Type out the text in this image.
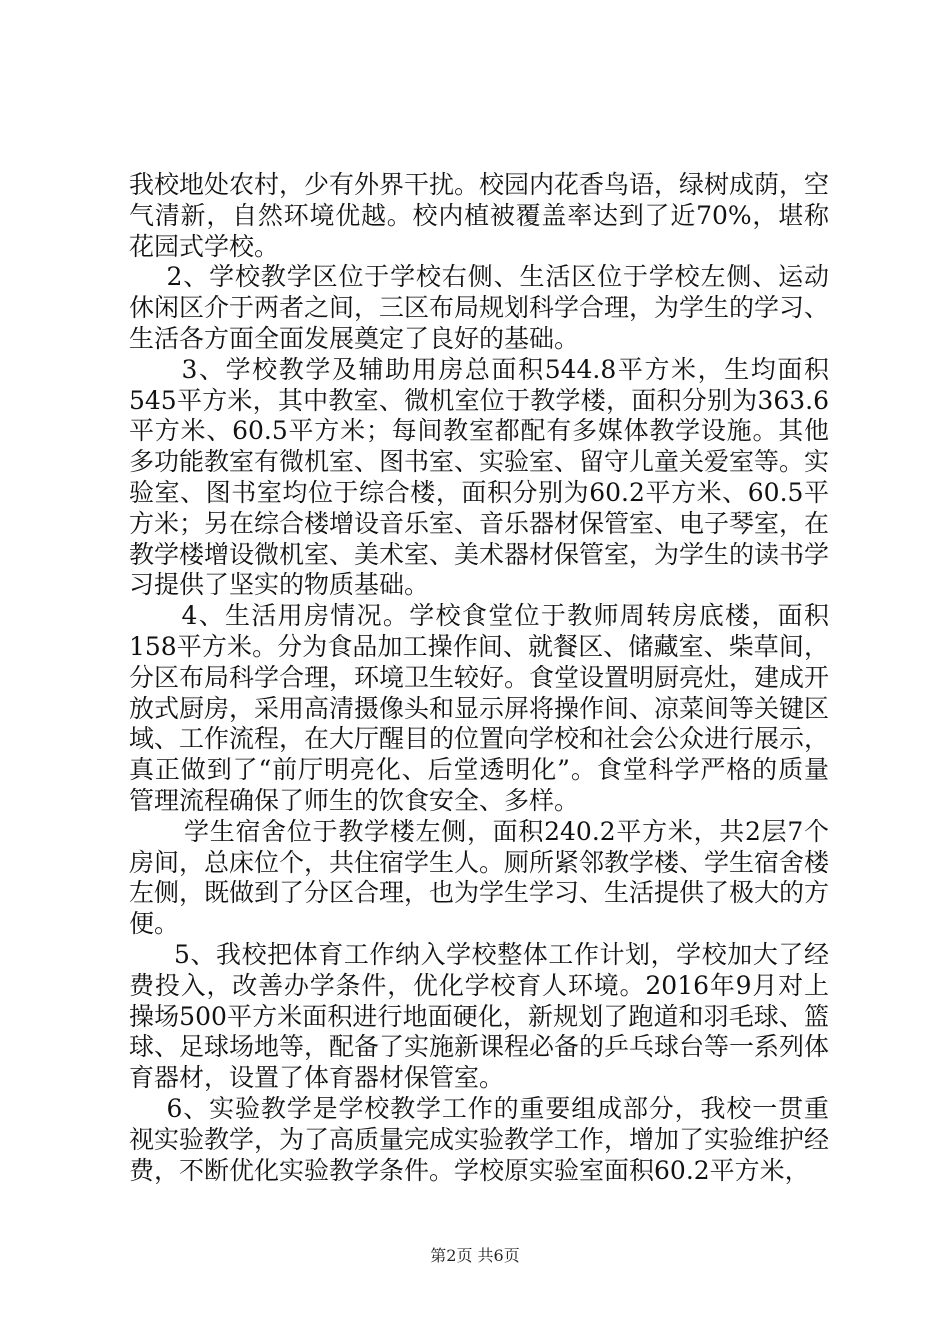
我校地处农村，少有外界干扰。校园内花香鸟语，绿树成荫，空气清新，自然环境优越。校内植被覆盖率达到了近70%，堪称花园式学校。

2、学校教学区位于学校右侧、生活区位于学校左侧、运动休闲区介于两者之间，三区布局规划科学合理，为学生的学习、生活各方面全面发展奠定了良好的基础。

3、学校教学及辅助用房总面积544.8平方米，生均面积545平方米，其中教室、微机室位于教学楼，面积分别为363.6平方米、60.5平方米；每间教室都配有多媒体教学设施。其他多功能教室有微机室、图书室、实验室、留守儿童关爱室等。实验室、图书室均位于综合楼，面积分别为60.2平方米、60.5平方米；另在综合楼增设音乐室、音乐器材保管室、电子琴室，在教学楼增设微机室、美术室、美术器材保管室，为学生的读书学习提供了坚实的物质基础。

4、生活用房情况。学校食堂位于教师周转房底楼，面积158平方米。分为食品加工操作间、就餐区、储藏室、柴草间，分区布局科学合理，环境卫生较好。食堂设置明厨亮灶，建成开放式厨房，采用高清摄像头和显示屏将操作间、凉菜间等关键区域、工作流程，在大厅醒目的位置向学校和社会公众进行展示，真正做到了“前厅明亮化、后堂透明化”。食堂科学严格的质量管理流程确保了师生的饮食安全、多样。

学生宿舍位于教学楼左侧，面积240.2平方米，共2层7个房间，总床位个，共住宿学生人。厕所紧邻教学楼、学生宿舍楼左侧，既做到了分区合理，也为学生学习、生活提供了极大的方便。

5、我校把体育工作纳入学校整体工作计划，学校加大了经费投入，改善办学条件，优化学校育人环境。2016年9月对上操场500平方米面积进行地面硬化，新规划了跑道和羽毛球、篮球、足球场地等，配备了实施新课程必备的乒乓球台等一系列体育器材，设置了体育器材保管室。

6、实验教学是学校教学工作的重要组成部分，我校一贯重视实验教学，为了高质量完成实验教学工作，增加了实验维护经费，不断优化实验教学条件。学校原实验室面积60.2平方米，

第2页 共6页
